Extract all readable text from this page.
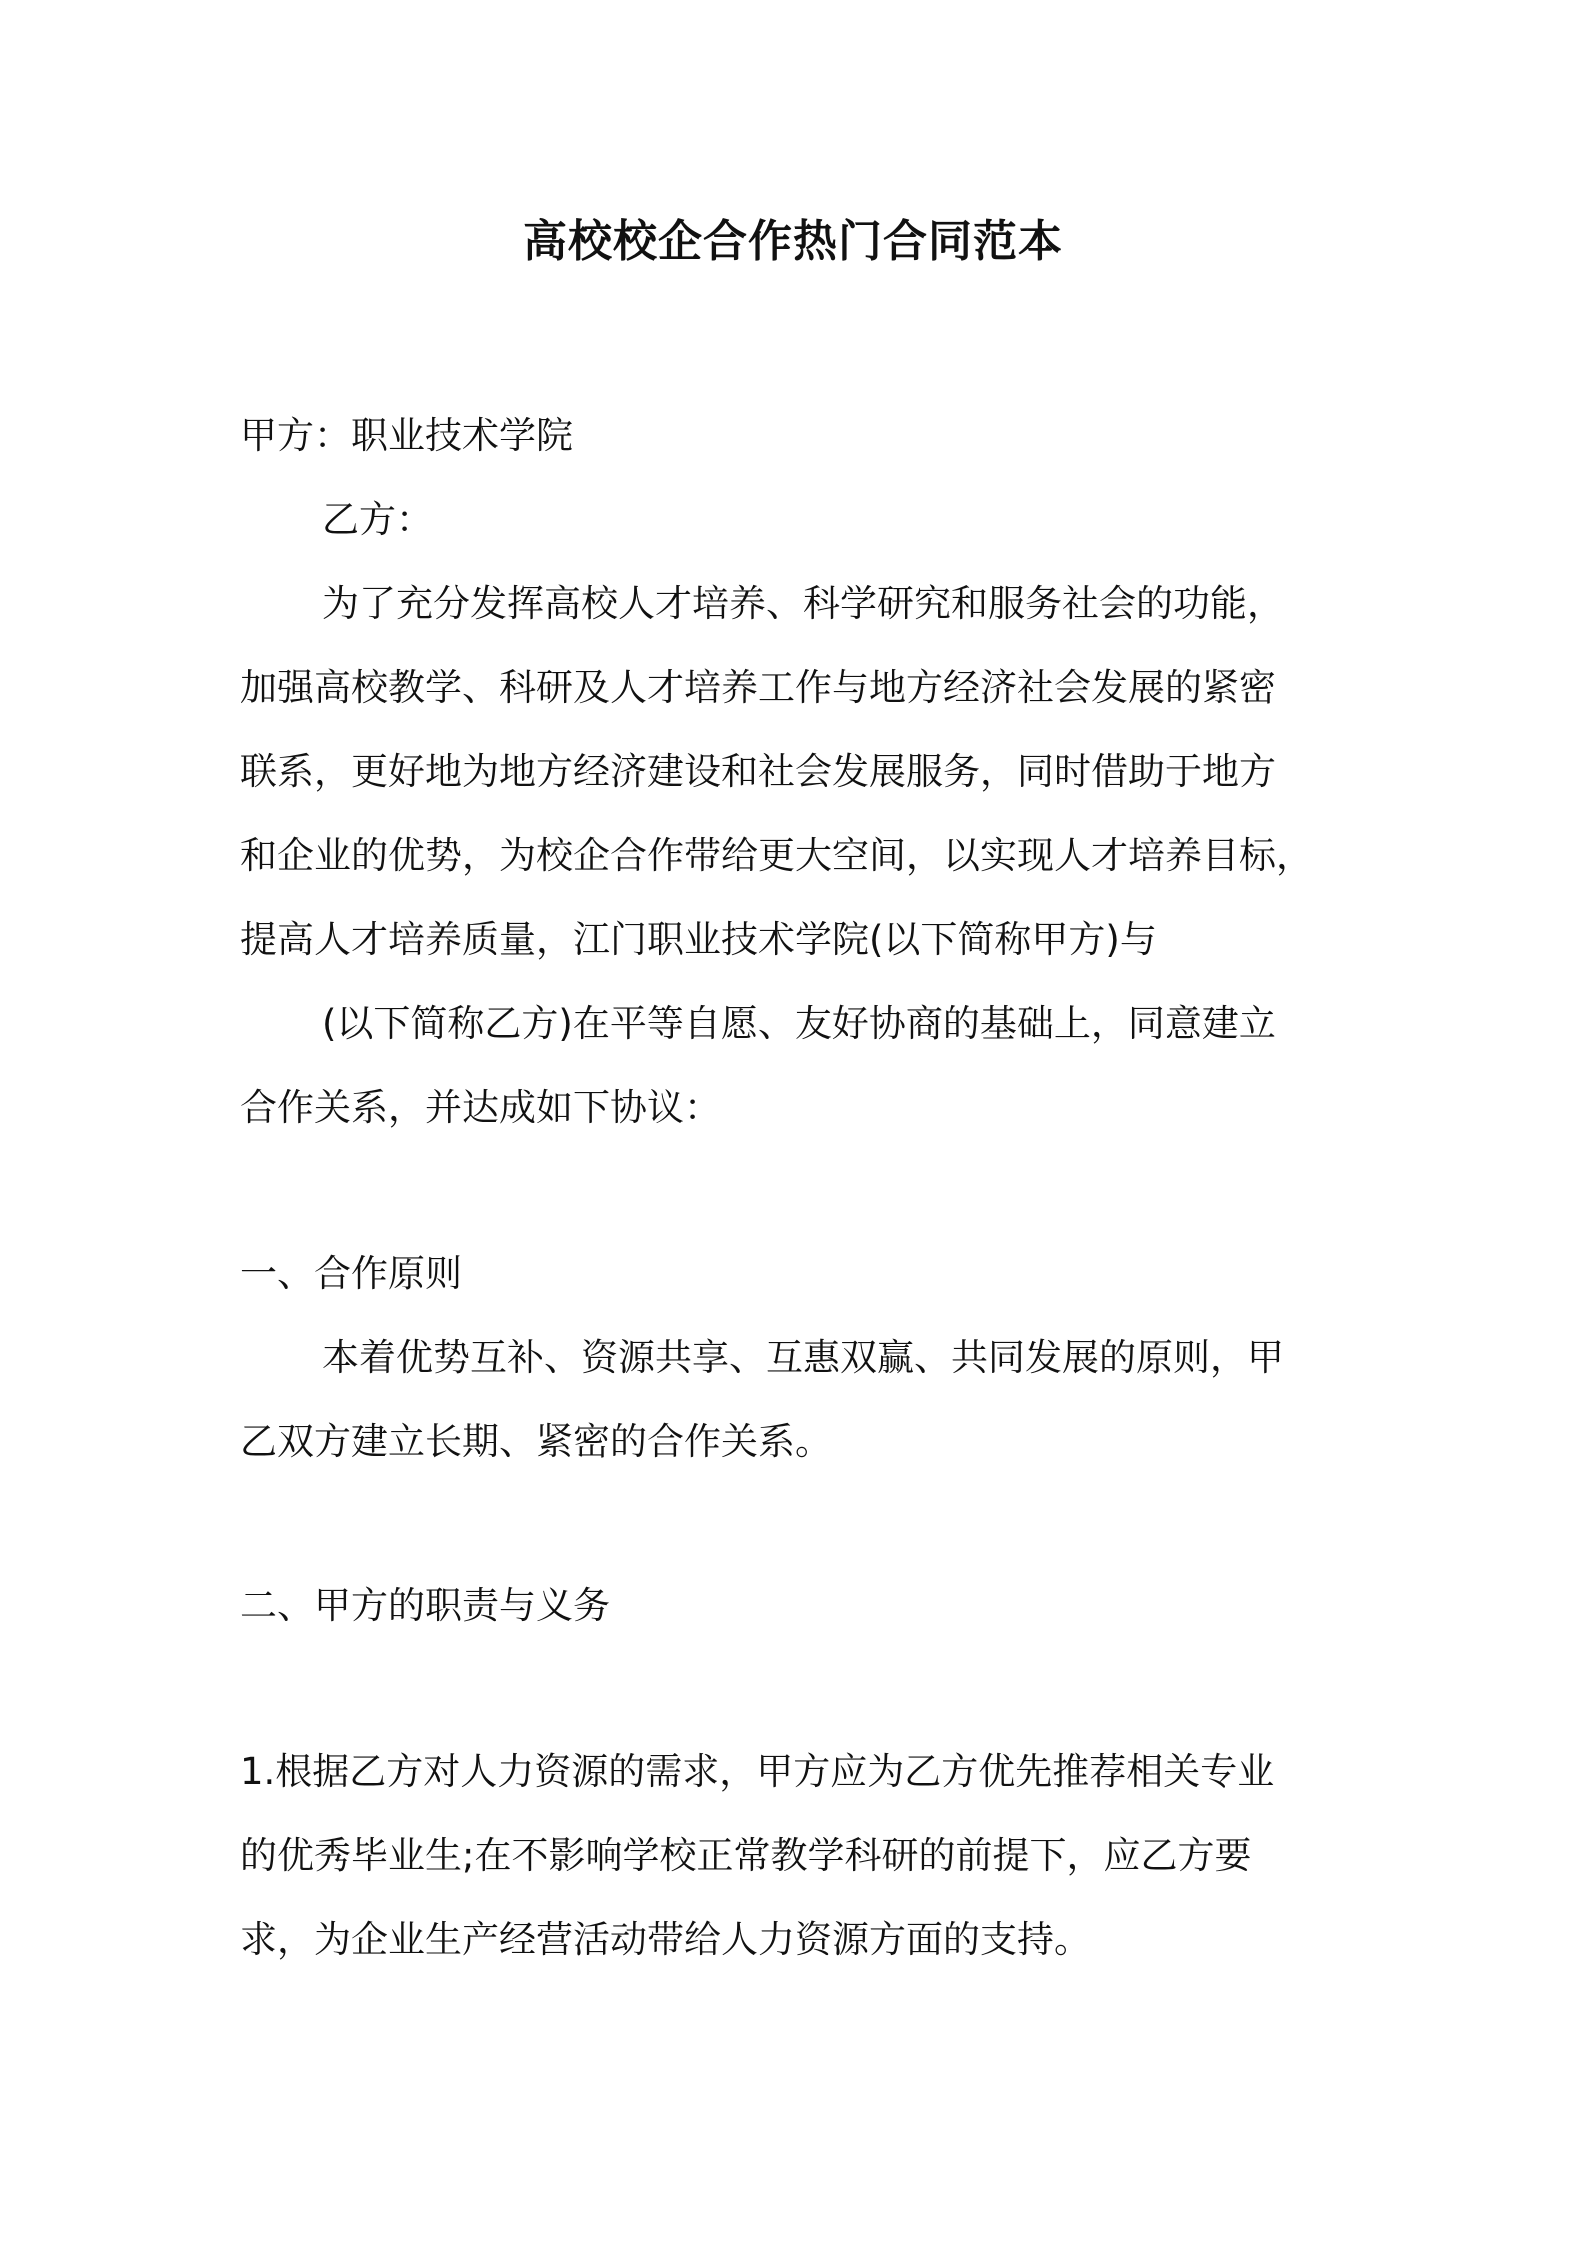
高校校企合作热门合同范本
甲方：职业技术学院
乙方：
为了充分发挥高校人才培养、科学研究和服务社会的功能，
加强高校教学、科研及人才培养工作与地方经济社会发展的紧密
联系，更好地为地方经济建设和社会发展服务，同时借助于地方
和企业的优势，为校企合作带给更大空间，以实现人才培养目标，
提高人才培养质量，江门职业技术学院(以下简称甲方)与
(以下简称乙方)在平等自愿、友好协商的基础上，同意建立
合作关系，并达成如下协议：
一、合作原则
本着优势互补、资源共享、互惠双赢、共同发展的原则，甲
乙双方建立长期、紧密的合作关系。
二、甲方的职责与义务
1.根据乙方对人力资源的需求，甲方应为乙方优先推荐相关专业
的优秀毕业生;在不影响学校正常教学科研的前提下，应乙方要
求，为企业生产经营活动带给人力资源方面的支持。
